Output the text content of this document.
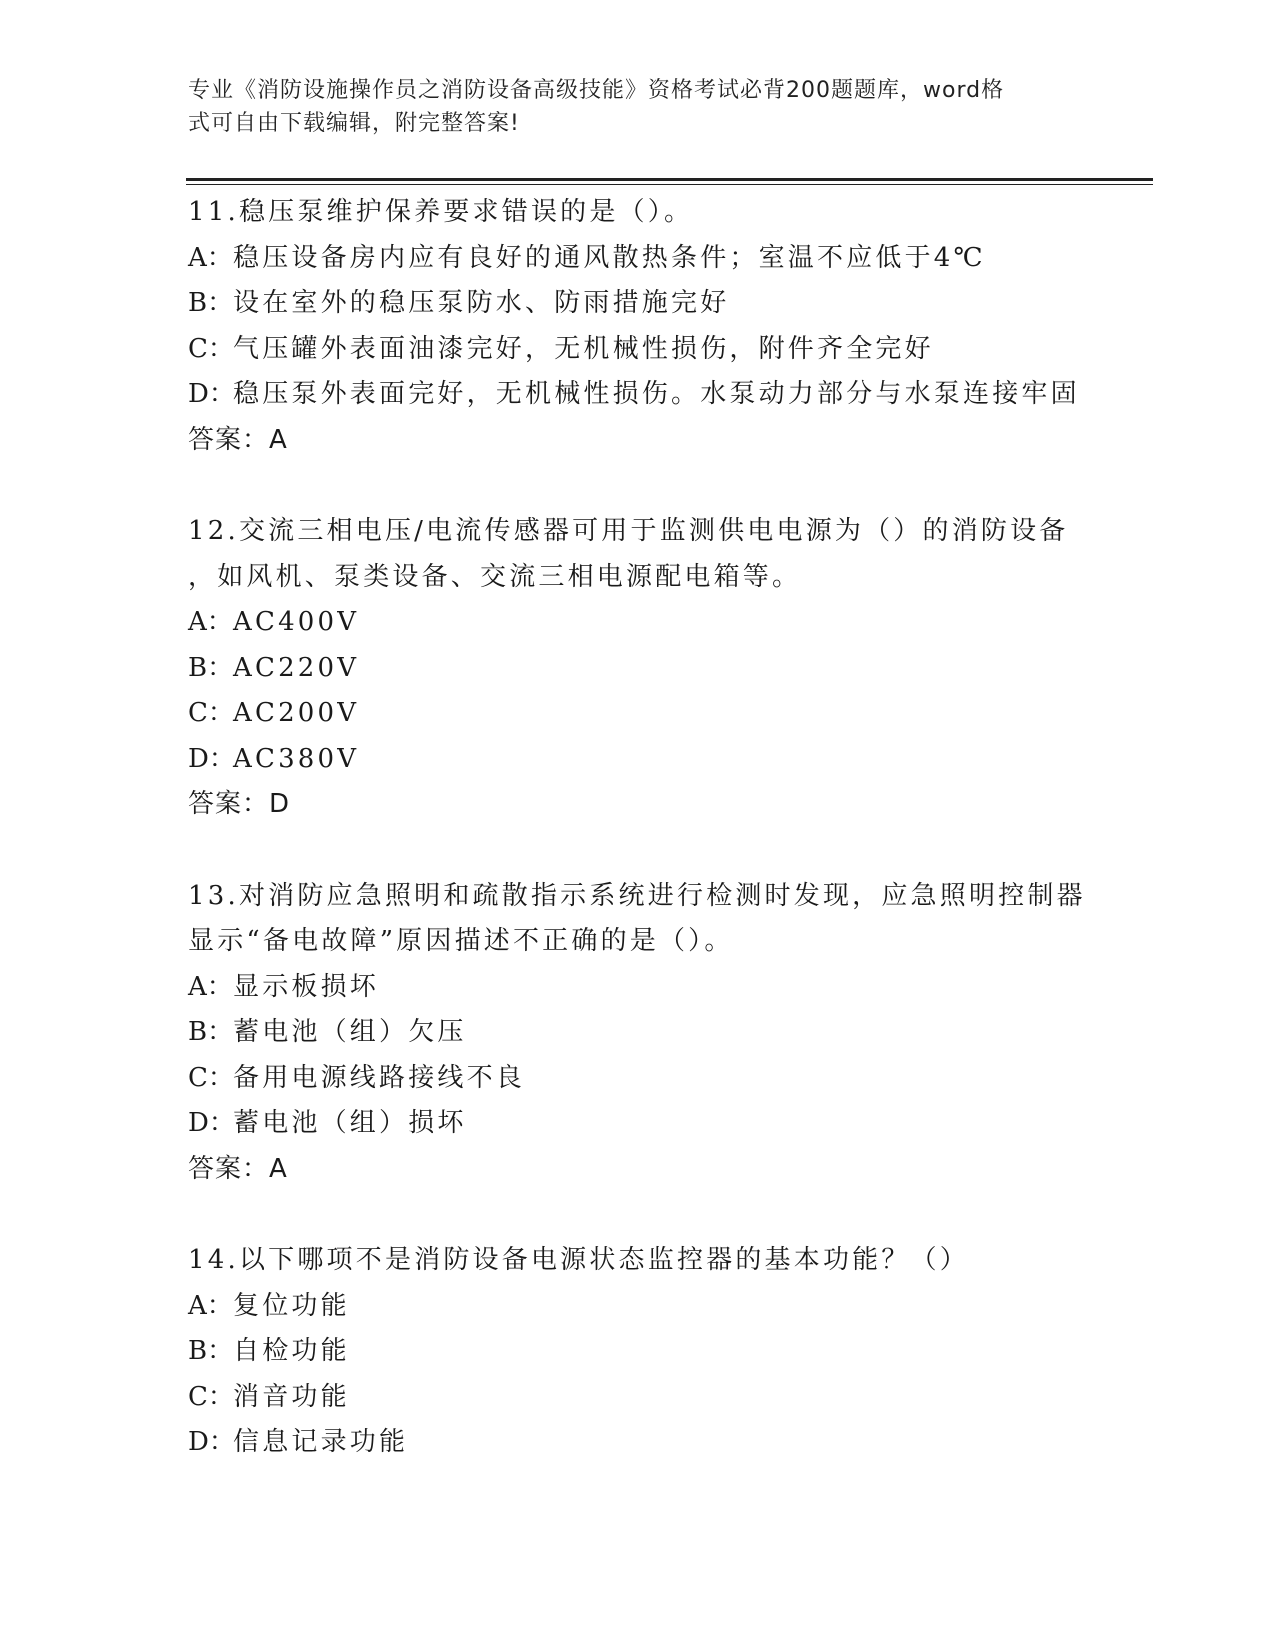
专业《消防设施操作员之消防设备高级技能》资格考试必背200题题库，word格
式可自由下载编辑，附完整答案!
11.稳压泵维护保养要求错误的是（）。
A：稳压设备房内应有良好的通风散热条件；室温不应低于4℃
B：设在室外的稳压泵防水、防雨措施完好
C：气压罐外表面油漆完好，无机械性损伤，附件齐全完好
D：稳压泵外表面完好，无机械性损伤。水泵动力部分与水泵连接牢固
答案：A
12.交流三相电压/电流传感器可用于监测供电电源为（）的消防设备
，如风机、泵类设备、交流三相电源配电箱等。
A：AC400V
B：AC220V
C：AC200V
D：AC380V
答案：D
13.对消防应急照明和疏散指示系统进行检测时发现，应急照明控制器
显示“备电故障”原因描述不正确的是（）。
A：显示板损坏
B：蓄电池（组）欠压
C：备用电源线路接线不良
D：蓄电池（组）损坏
答案：A
14.以下哪项不是消防设备电源状态监控器的基本功能？（）
A：复位功能
B：自检功能
C：消音功能
D：信息记录功能
